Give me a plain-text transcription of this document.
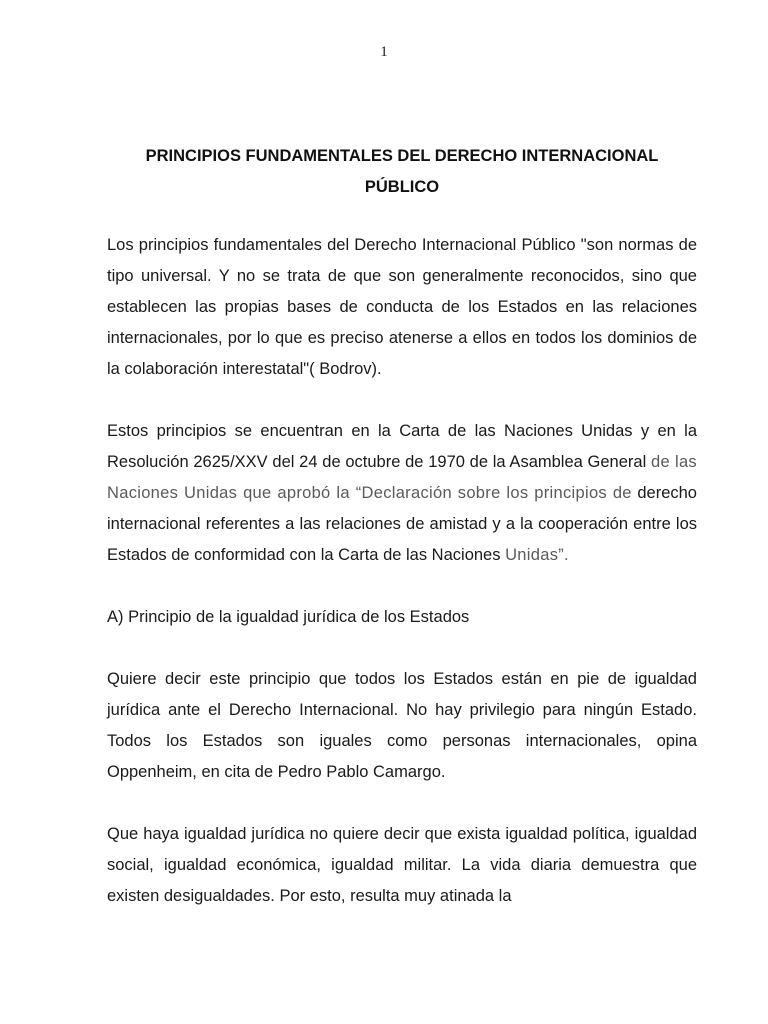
1
PRINCIPIOS FUNDAMENTALES DEL DERECHO INTERNACIONAL
PÚBLICO

Los principios fundamentales del Derecho Internacional Público "son normas de tipo universal. Y no se trata de que son generalmente reconocidos, sino que establecen las propias bases de conducta de los Estados en las relaciones internacionales, por lo que es preciso atenerse a ellos en todos los dominios de la colaboración interestatal"( Bodrov).

Estos principios se encuentran en la Carta de las Naciones Unidas y en la Resolución 2625/XXV del 24 de octubre de 1970 de la Asamblea General de las Naciones Unidas que aprobó la “Declaración sobre los principios de derecho internacional referentes a las relaciones de amistad y a la cooperación entre los Estados de conformidad con la Carta de las Naciones Unidas”.

A) Principio de la igualdad jurídica de los Estados

Quiere decir este principio que todos los Estados están en pie de igualdad jurídica ante el Derecho Internacional. No hay privilegio para ningún Estado. Todos los Estados son iguales como personas internacionales, opina Oppenheim, en cita de Pedro Pablo Camargo.

Que haya igualdad jurídica no quiere decir que exista igualdad política, igualdad social, igualdad económica, igualdad militar. La vida diaria demuestra que existen desigualdades. Por esto, resulta muy atinada la
